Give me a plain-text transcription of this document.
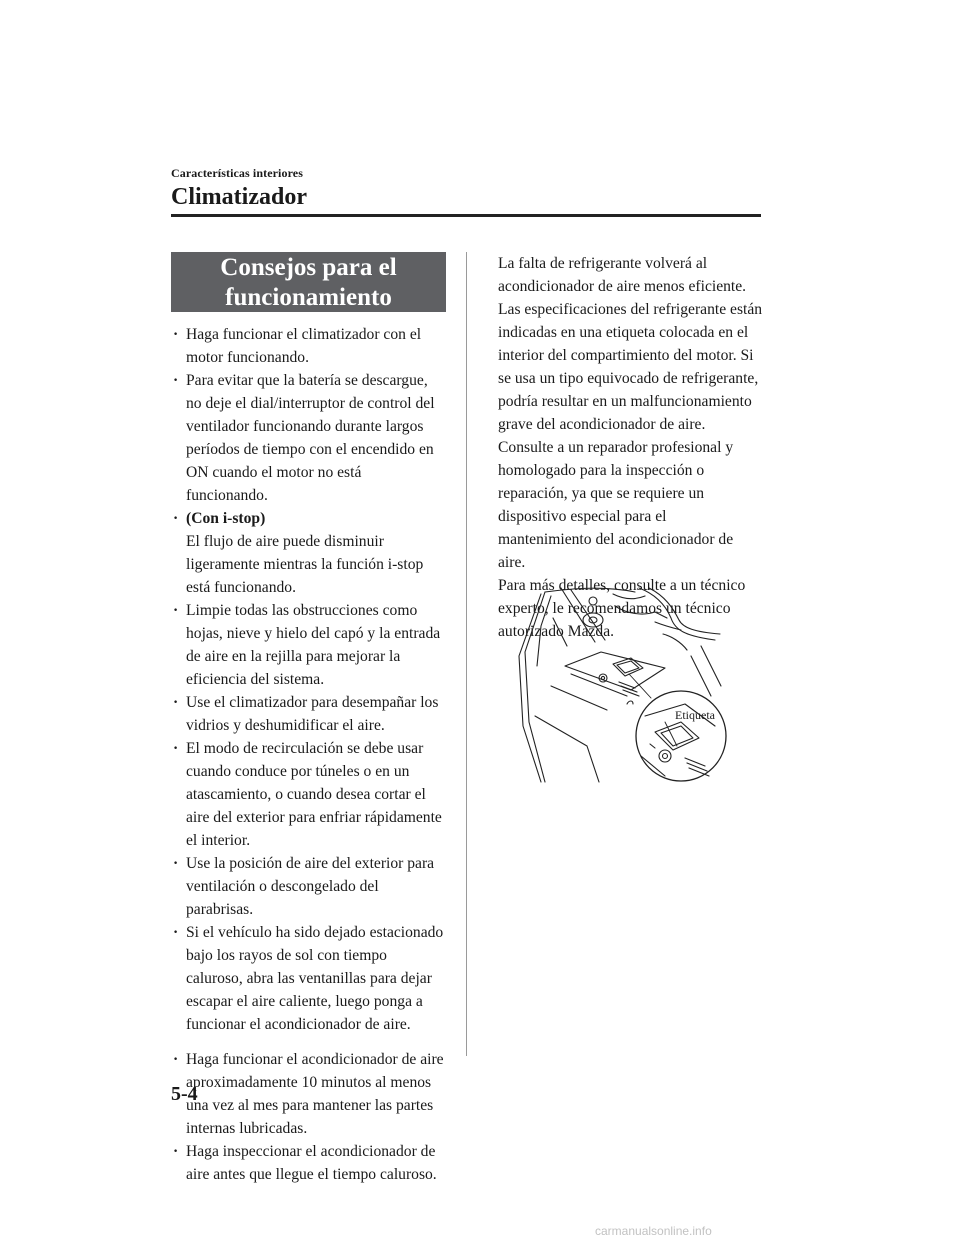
Características interiores
Climatizador
Consejos para el
funcionamiento
· Haga funcionar el climatizador con el motor funcionando.
· Para evitar que la batería se descargue, no deje el dial/interruptor de control del ventilador funcionando durante largos períodos de tiempo con el encendido en ON cuando el motor no está funcionando.
· (Con i-stop)
El flujo de aire puede disminuir ligeramente mientras la función i-stop está funcionando.
· Limpie todas las obstrucciones como hojas, nieve y hielo del capó y la entrada de aire en la rejilla para mejorar la eficiencia del sistema.
· Use el climatizador para desempañar los vidrios y deshumidificar el aire.
· El modo de recirculación se debe usar cuando conduce por túneles o en un atascamiento, o cuando desea cortar el aire del exterior para enfriar rápidamente el interior.
· Use la posición de aire del exterior para ventilación o descongelado del parabrisas.
· Si el vehículo ha sido dejado estacionado bajo los rayos de sol con tiempo caluroso, abra las ventanillas para dejar escapar el aire caliente, luego ponga a funcionar el acondicionador de aire.
· Haga funcionar el acondicionador de aire aproximadamente 10 minutos al menos una vez al mes para mantener las partes internas lubricadas.
· Haga inspeccionar el acondicionador de aire antes que llegue el tiempo caluroso.

La falta de refrigerante volverá al acondicionador de aire menos eficiente. Las especificaciones del refrigerante están indicadas en una etiqueta colocada en el interior del compartimiento del motor. Si se usa un tipo equivocado de refrigerante, podría resultar en un malfuncionamiento grave del acondicionador de aire. Consulte a un reparador profesional y homologado para la inspección o reparación, ya que se requiere un dispositivo especial para el mantenimiento del acondicionador de aire.

Para más detalles, consulte a un técnico experto, le recomendamos un técnico autorizado Mazda.

Etiqueta
5-4
carmanualsonline.info
